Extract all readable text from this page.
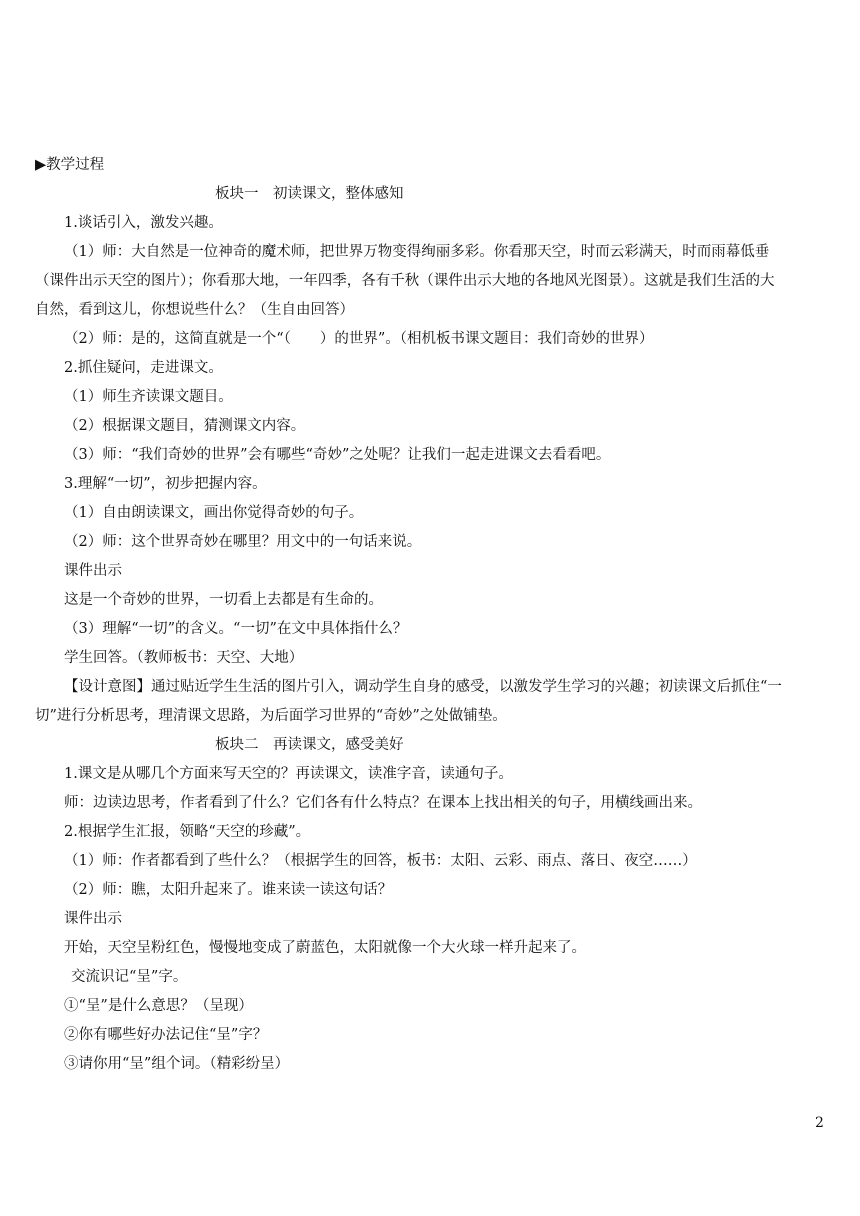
▶教学过程
板块一　初读课文，整体感知
1.谈话引入，激发兴趣。
（1）师：大自然是一位神奇的魔术师，把世界万物变得绚丽多彩。你看那天空，时而云彩满天，时而雨幕低垂
（课件出示天空的图片）；你看那大地，一年四季，各有千秋（课件出示大地的各地风光图景）。这就是我们生活的大
自然，看到这儿，你想说些什么？（生自由回答）
（2）师：是的，这简直就是一个“（　　）的世界”。（相机板书课文题目：我们奇妙的世界）
2.抓住疑问，走进课文。
（1）师生齐读课文题目。
（2）根据课文题目，猜测课文内容。
（3）师：“我们奇妙的世界”会有哪些“奇妙”之处呢？让我们一起走进课文去看看吧。
3.理解“一切”，初步把握内容。
（1）自由朗读课文，画出你觉得奇妙的句子。
（2）师：这个世界奇妙在哪里？用文中的一句话来说。
课件出示
这是一个奇妙的世界，一切看上去都是有生命的。
（3）理解“一切”的含义。“一切”在文中具体指什么？
学生回答。（教师板书：天空、大地）
【设计意图】通过贴近学生生活的图片引入，调动学生自身的感受，以激发学生学习的兴趣；初读课文后抓住“一
切”进行分析思考，理清课文思路，为后面学习世界的“奇妙”之处做铺垫。
板块二　再读课文，感受美好
1.课文是从哪几个方面来写天空的？再读课文，读准字音，读通句子。
师：边读边思考，作者看到了什么？它们各有什么特点？在课本上找出相关的句子，用横线画出来。
2.根据学生汇报，领略“天空的珍藏”。
（1）师：作者都看到了些什么？（根据学生的回答，板书：太阳、云彩、雨点、落日、夜空……）
（2）师：瞧，太阳升起来了。谁来读一读这句话？
课件出示
开始，天空呈粉红色，慢慢地变成了蔚蓝色，太阳就像一个大火球一样升起来了。
交流识记“呈”字。
①“呈”是什么意思？（呈现）
②你有哪些好办法记住“呈”字？
③请你用“呈”组个词。（精彩纷呈）
2
